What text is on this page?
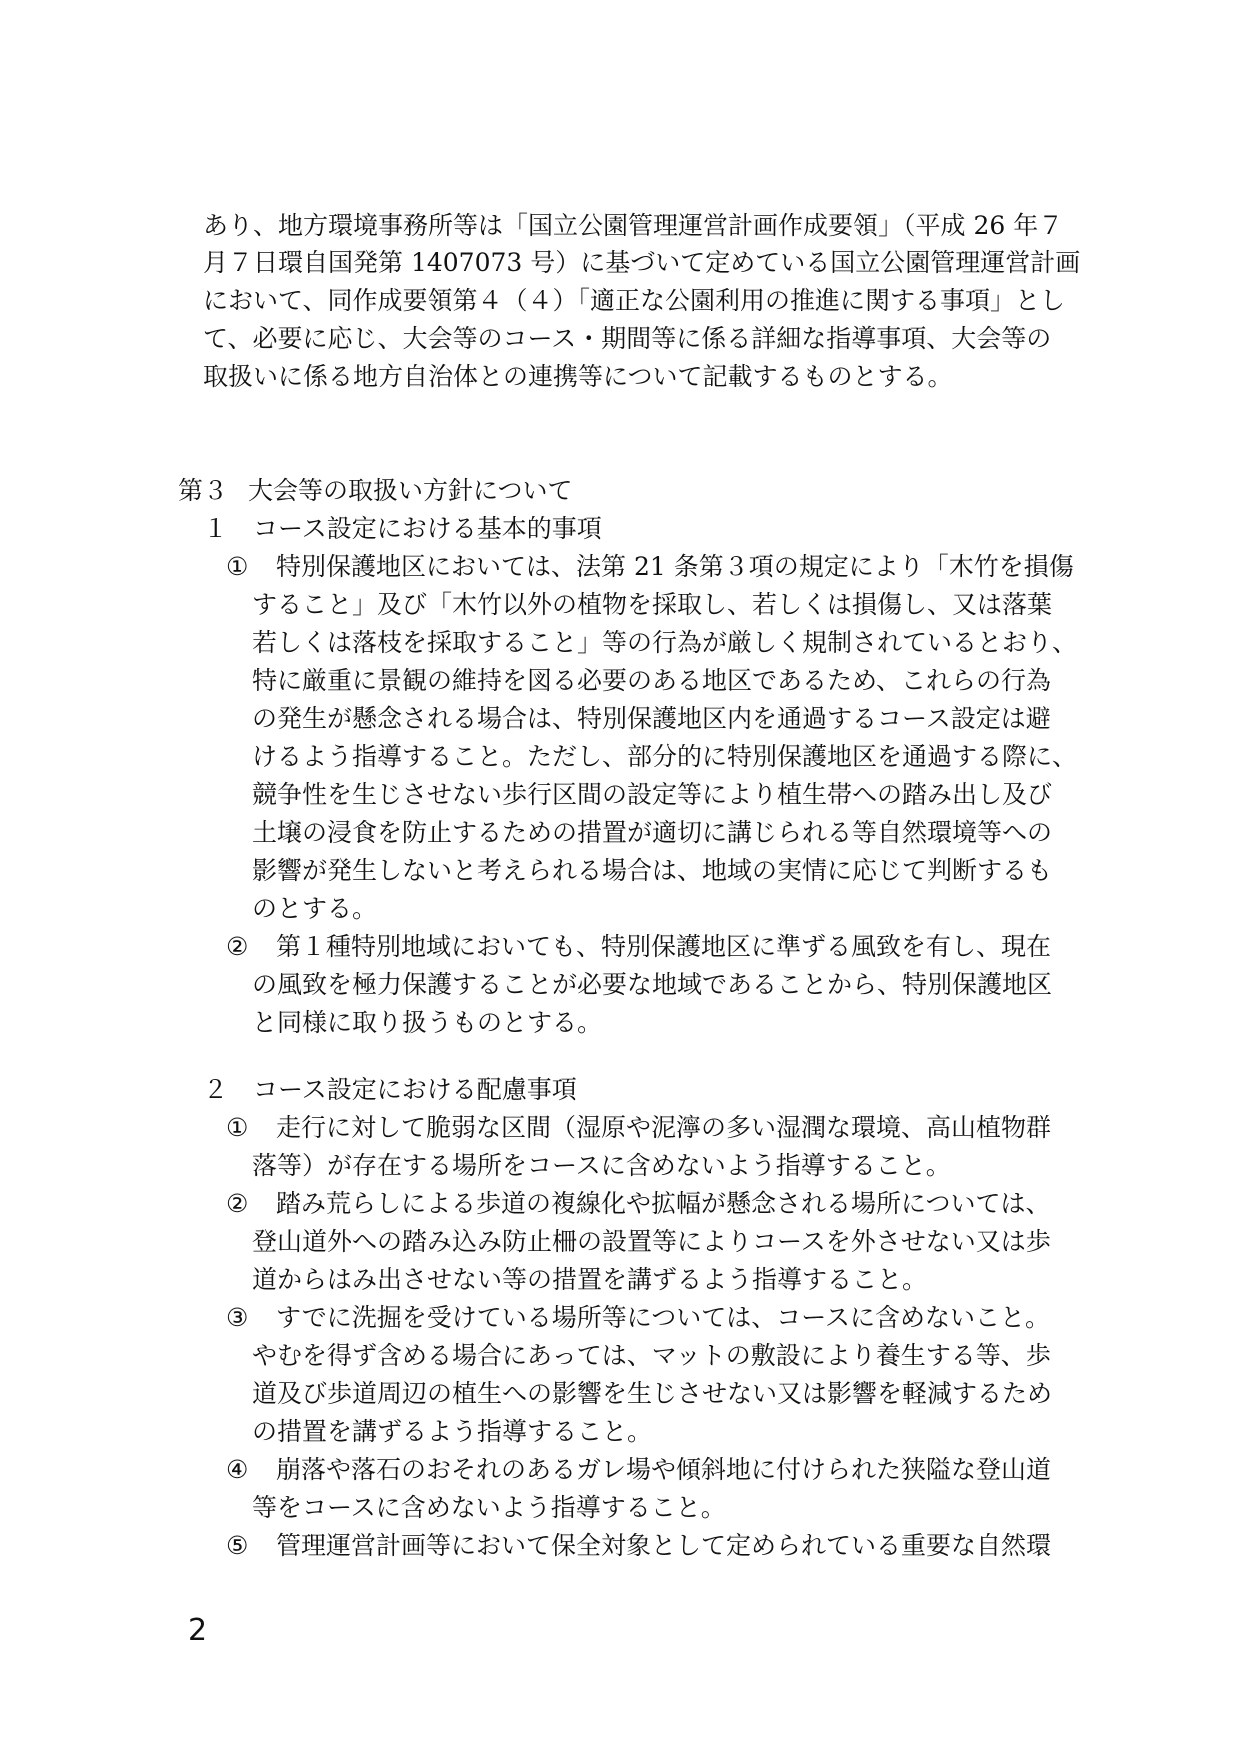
あり、地方環境事務所等は「国立公園管理運営計画作成要領」（平成 26 年７
月７日環自国発第 1407073 号）に基づいて定めている国立公園管理運営計画
において、同作成要領第４（４）「適正な公園利用の推進に関する事項」とし
て、必要に応じ、大会等のコース・期間等に係る詳細な指導事項、大会等の
取扱いに係る地方自治体との連携等について記載するものとする。
第３ 大会等の取扱い方針について
１ コース設定における基本的事項
① 特別保護地区においては、法第 21 条第３項の規定により「木竹を損傷
すること」及び「木竹以外の植物を採取し、若しくは損傷し、又は落葉
若しくは落枝を採取すること」等の行為が厳しく規制されているとおり、
特に厳重に景観の維持を図る必要のある地区であるため、これらの行為
の発生が懸念される場合は、特別保護地区内を通過するコース設定は避
けるよう指導すること。ただし、部分的に特別保護地区を通過する際に、
競争性を生じさせない歩行区間の設定等により植生帯への踏み出し及び
土壌の浸食を防止するための措置が適切に講じられる等自然環境等への
影響が発生しないと考えられる場合は、地域の実情に応じて判断するも
のとする。
② 第１種特別地域においても、特別保護地区に準ずる風致を有し、現在
の風致を極力保護することが必要な地域であることから、特別保護地区
と同様に取り扱うものとする。
２ コース設定における配慮事項
① 走行に対して脆弱な区間（湿原や泥濘の多い湿潤な環境、高山植物群
落等）が存在する場所をコースに含めないよう指導すること。
② 踏み荒らしによる歩道の複線化や拡幅が懸念される場所については、
登山道外への踏み込み防止柵の設置等によりコースを外させない又は歩
道からはみ出させない等の措置を講ずるよう指導すること。
③ すでに洗掘を受けている場所等については、コースに含めないこと。
やむを得ず含める場合にあっては、マットの敷設により養生する等、歩
道及び歩道周辺の植生への影響を生じさせない又は影響を軽減するため
の措置を講ずるよう指導すること。
④ 崩落や落石のおそれのあるガレ場や傾斜地に付けられた狭隘な登山道
等をコースに含めないよう指導すること。
⑤ 管理運営計画等において保全対象として定められている重要な自然環
2
